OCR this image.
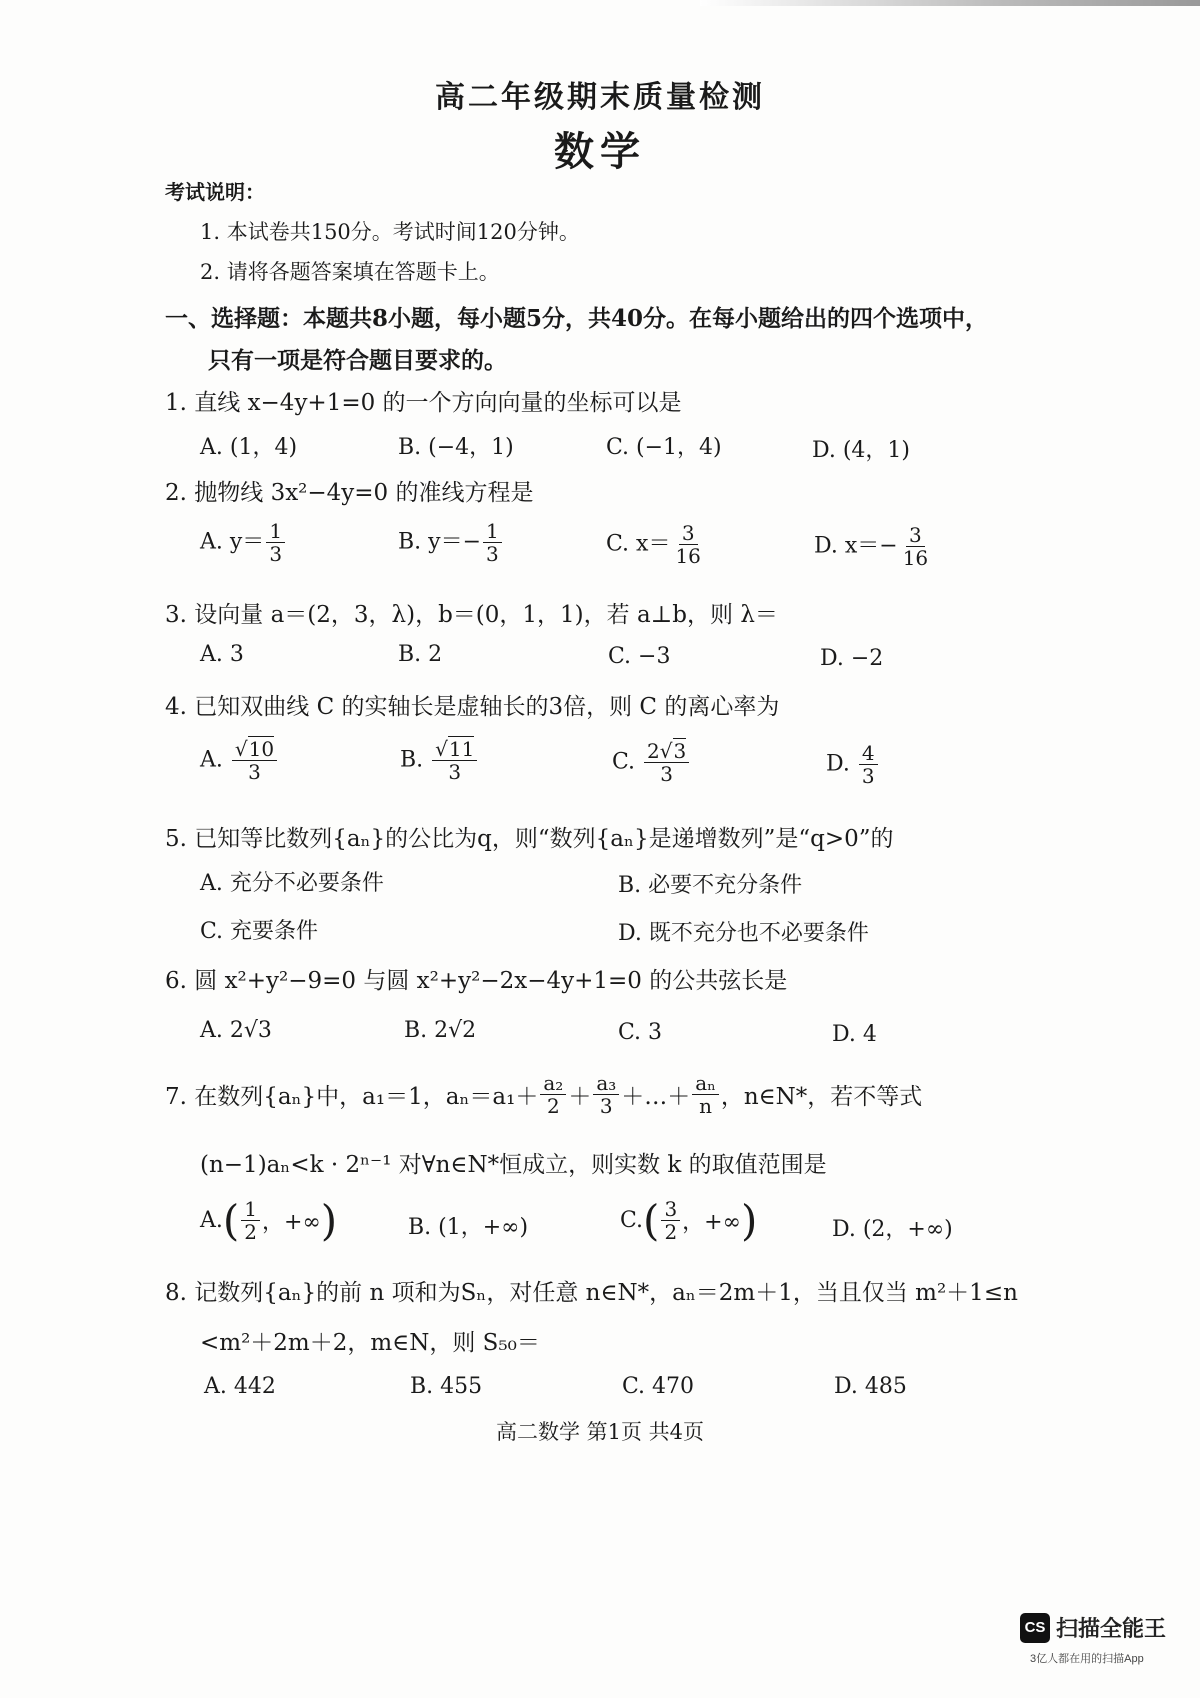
高二年级期末质量检测
数学
考试说明：
1. 本试卷共150分。考试时间120分钟。
2. 请将各题答案填在答题卡上。
一、选择题：本题共8小题，每小题5分，共40分。在每小题给出的四个选项中，
只有一项是符合题目要求的。
1. 直线 x−4y+1=0 的一个方向向量的坐标可以是
A. (1，4)	B. (−4，1)	C. (−1，4)	D. (4，1)
2. 抛物线 3x²−4y=0 的准线方程是
A. $y= \frac{1}{3}$	B. $y=- \frac{1}{3}$	C. $x= \frac{3}{16}$	D. $x=- \frac{3}{16}$
3. 设向量 a＝(2，3，λ)，b＝(0，1，1)，若 a⊥b，则 λ＝
A. 3	B. 2	C. −3	D. −2
4. 已知双曲线 C 的实轴长是虚轴长的3倍，则 C 的离心率为
A. $\frac{√10}{3}$	B. $\frac{√11}{3}$	C. $\frac{2√3}{3}$	D. $\frac{4}{3}$
5. 已知等比数列{aₙ}的公比为q，则“数列{aₙ}是递增数列”是“q>0”的
A. 充分不必要条件	B. 必要不充分条件
C. 充要条件	D. 既不充分也不必要条件
6. 圆 x²+y²−9=0 与圆 x²+y²−2x−4y+1=0 的公共弦长是
A. 2√3	B. 2√2	C. 3	D. 4
7. 在数列{aₙ}中，a₁＝1，$a_n=a_1+ \frac{\text{a₂}}{2} + \frac{\text{a₃}}{3}$ ＋…＋ $\frac{\text{aₙ}}{n}$ ，n∈N*，若不等式
(n−1)aₙ<k · 2ⁿ⁻¹ 对∀n∈N*恒成立，则实数 k 的取值范围是
A. ( $\frac{1}{2}$ ，+∞ )	B. (1，+∞)	C. ( $\frac{3}{2}$ ，+∞ )	D. (2，+∞)
8. 记数列{aₙ}的前 n 项和为Sₙ，对任意 n∈N*，aₙ＝2m＋1，当且仅当 m²＋1≤n
<m²＋2m＋2，m∈N，则 S₅₀＝
A. 442	B. 455	C. 470	D. 485
高二数学 第1页 共4页
CS 扫描全能王
3亿人都在用的扫描App
